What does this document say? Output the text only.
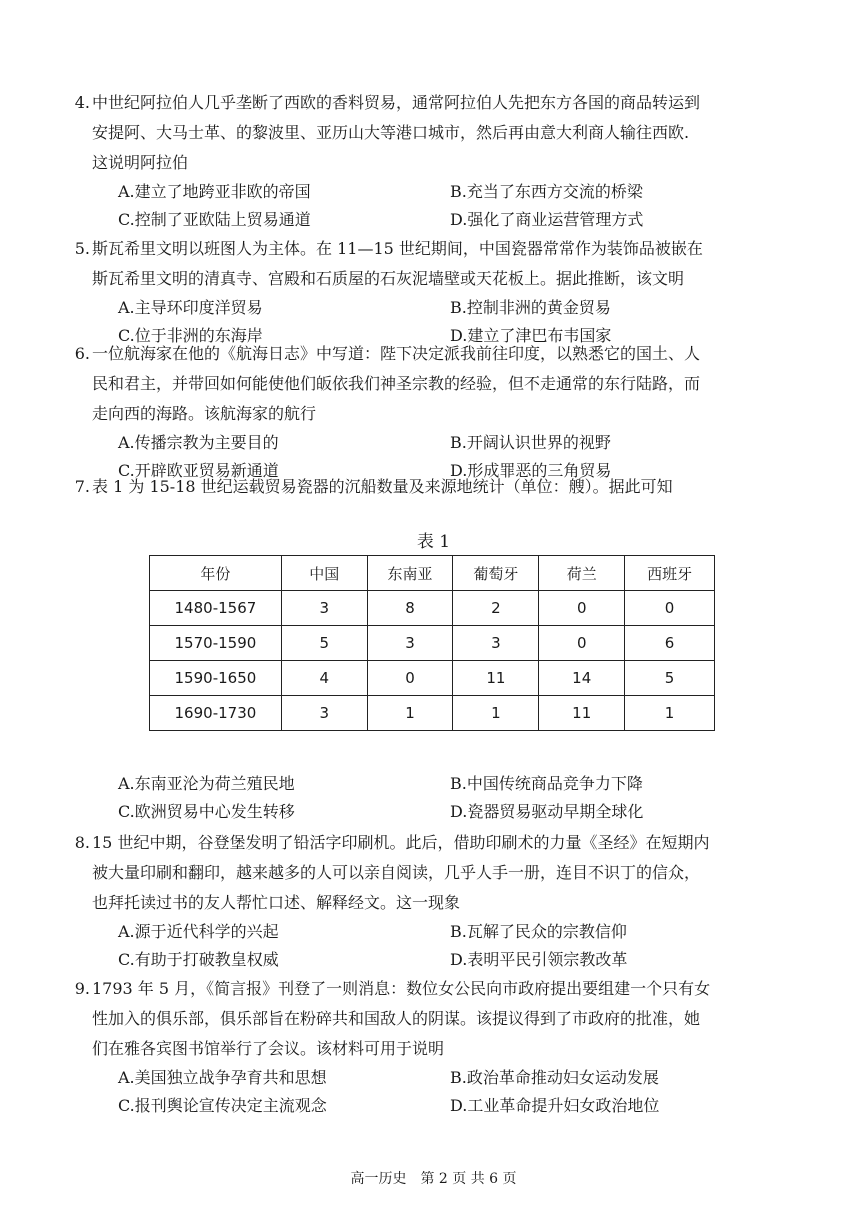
4. 中世纪阿拉伯人几乎垄断了西欧的香料贸易，通常阿拉伯人先把东方各国的商品转运到
安提阿、大马士革、的黎波里、亚历山大等港口城市，然后再由意大利商人输往西欧.
这说明阿拉伯
A.建立了地跨亚非欧的帝国	B.充当了东西方交流的桥梁
C.控制了亚欧陆上贸易通道	D.强化了商业运营管理方式
5. 斯瓦希里文明以班图人为主体。在 11—15 世纪期间，中国瓷器常常作为装饰品被嵌在
斯瓦希里文明的清真寺、宫殿和石质屋的石灰泥墙壁或天花板上。据此推断，该文明
A.主导环印度洋贸易	B.控制非洲的黄金贸易
C.位于非洲的东海岸	D.建立了津巴布韦国家
6. 一位航海家在他的《航海日志》中写道：陛下决定派我前往印度，以熟悉它的国土、人
民和君主，并带回如何能使他们皈依我们神圣宗教的经验，但不走通常的东行陆路，而
走向西的海路。该航海家的航行
A.传播宗教为主要目的	B.开阔认识世界的视野
C.开辟欧亚贸易新通道	D.形成罪恶的三角贸易
7. 表 1 为 15-18 世纪运载贸易瓷器的沉船数量及来源地统计（单位：艘）。据此可知
表 1
年份	中国	东南亚	葡萄牙	荷兰	西班牙
1480-1567	3	8	2	0	0
1570-1590	5	3	3	0	6
1590-1650	4	0	11	14	5
1690-1730	3	1	1	11	1
A.东南亚沦为荷兰殖民地	B.中国传统商品竞争力下降
C.欧洲贸易中心发生转移	D.瓷器贸易驱动早期全球化
8. 15 世纪中期，谷登堡发明了铅活字印刷机。此后，借助印刷术的力量《圣经》在短期内
被大量印刷和翻印，越来越多的人可以亲自阅读，几乎人手一册，连目不识丁的信众，
也拜托读过书的友人帮忙口述、解释经文。这一现象
A.源于近代科学的兴起	B.瓦解了民众的宗教信仰
C.有助于打破教皇权威	D.表明平民引领宗教改革
9. 1793 年 5 月，《简言报》刊登了一则消息：数位女公民向市政府提出要组建一个只有女
性加入的俱乐部，俱乐部旨在粉碎共和国敌人的阴谋。该提议得到了市政府的批准，她
们在雅各宾图书馆举行了会议。该材料可用于说明
A.美国独立战争孕育共和思想	B.政治革命推动妇女运动发展
C.报刊舆论宣传决定主流观念	D.工业革命提升妇女政治地位
高一历史　第 2 页 共 6 页
